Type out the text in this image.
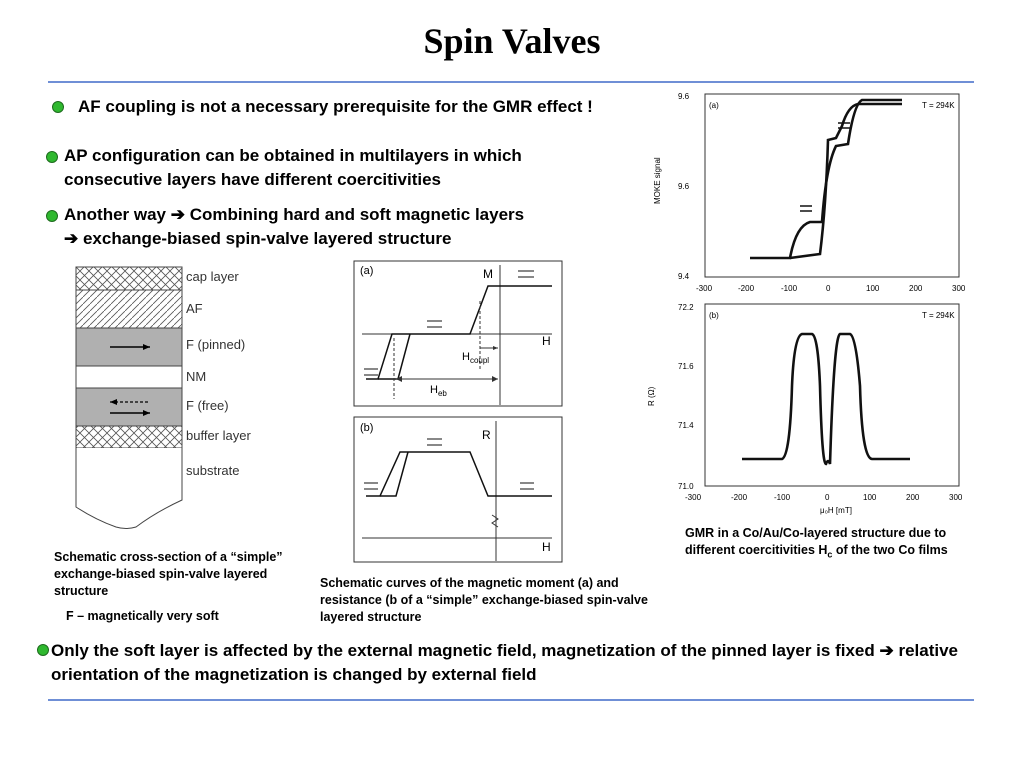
Spin Valves
AF coupling is not a necessary prerequisite for the GMR effect !
AP configuration can be obtained in multilayers in which consecutive layers have different coercitivities
Another way ➔ Combining hard and soft magnetic layers
➔ exchange-biased spin-valve layered structure
Only the soft layer is affected by the external magnetic field, magnetization of the pinned layer is fixed ➔ relative orientation of the magnetization is changed by external field
cap layer
AF
F (pinned)
NM
F (free)
buffer layer
substrate
Schematic cross-section of a “simple” exchange-biased spin-valve layered structure
F – magnetically very soft
(a)	M
H
$H_{coupl}$
$H_{eb}$
(b)	R
H
Schematic curves of the magnetic moment (a) and resistance (b of a “simple” exchange-biased spin-valve layered structure
(a)	T = 294K
MOKE signal
9.6
9.6
9.4
-300	-200	-100	0	100	200	300
(b)	T = 294K
R (Ω)
72.2
71.6
71.4
71.0
-300	-200	-100	0	100	200	300
μ₀H [mT]
GMR in a Co/Au/Co-layered structure due to different coercitivities $H_c$ of the two Co films
